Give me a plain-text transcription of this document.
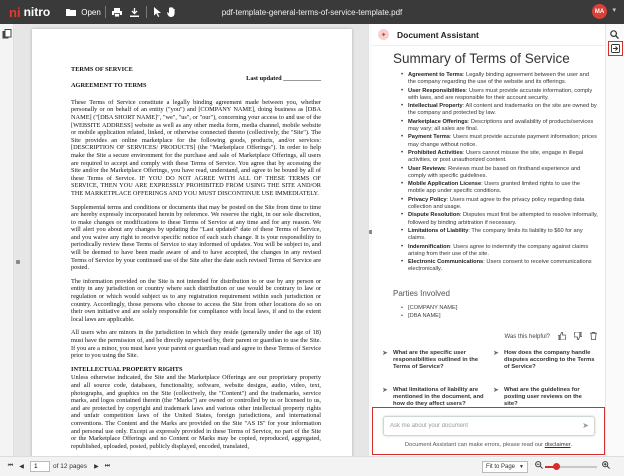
ni nitro	Open	pdf-template-general-terms-of-service-template.pdf	MA	▾
TERMS OF SERVICE
Last updated ____________
AGREEMENT TO TERMS

These Terms of Service constitute a legally binding agreement made between you, whether personally or on behalf of an entity ("you") and [COMPANY NAME], doing business as [DBA NAME] ("[DBA SHORT NAME]", "we", "us", or "our"), concerning your access to and use of the [WEBSITE ADDRESS] website as well as any other media form, media channel, mobile website or mobile application related, linked, or otherwise connected thereto (collectively, the "Site"). The Site provides an online marketplace for the following goods, products, and/or services: [DESCRIPTION OF SERVICES/ PRODUCTS] (the "Marketplace Offerings"). In order to help make the Site a secure environment for the purchase and sale of Marketplace Offerings, all users are required to accept and comply with these Terms of Service. You agree that by accessing the Site and/or the Marketplace Offerings, you have read, understand, and agree to be bound by all of these Terms of Service. IF YOU DO NOT AGREE WITH ALL OF THESE TERMS OF SERVICE, THEN YOU ARE EXPRESSLY PROHIBITED FROM USING THE SITE AND/OR THE MARKETPLACE OFFERINGS AND YOU MUST DISCONTINUE USE IMMEDIATELY.

Supplemental terms and conditions or documents that may be posted on the Site from time to time are hereby expressly incorporated herein by reference. We reserve the right, in our sole discretion, to make changes or modifications to these Terms of Service at any time and for any reason. We will alert you about any changes by updating the "Last updated" date of these Terms of Service, and you waive any right to receive specific notice of each such change. It is your responsibility to periodically review these Terms of Service to stay informed of updates. You will be subject to, and will be deemed to have been made aware of and to have accepted, the changes in any revised Terms of Service by your continued use of the Site after the date such revised Terms of Service are posted.

The information provided on the Site is not intended for distribution to or use by any person or entity in any jurisdiction or country where such distribution or use would be contrary to law or regulation or which would subject us to any registration requirement within such jurisdiction or country. Accordingly, those persons who choose to access the Site from other locations do so on their own initiative and are solely responsible for compliance with local laws, if and to the extent local laws are applicable.

All users who are minors in the jurisdiction in which they reside (generally under the age of 18) must have the permission of, and be directly supervised by, their parent or guardian to use the Site. If you are a minor, you must have your parent or guardian read and agree to these Terms of Service prior to you using the Site.

INTELLECTUAL PROPERTY RIGHTS

Unless otherwise indicated, the Site and the Marketplace Offerings are our proprietary property and all source code, databases, functionality, software, website designs, audio, video, text, photographs, and graphics on the Site (collectively, the "Content") and the trademarks, service marks, and logos contained therein (the "Marks") are owned or controlled by us or licensed to us, and are protected by copyright and trademark laws and various other intellectual property rights and unfair competition laws of the United States, foreign jurisdictions, and international conventions. The Content and the Marks are provided on the Site "AS IS" for your information and personal use only. Except as expressly provided in these Terms of Service, no part of the Site or the Marketplace Offerings and no Content or Marks may be copied, reproduced, aggregated, republished, uploaded, posted, publicly displayed, encoded, translated,

✦	Document Assistant
Summary of Terms of Service
• Agreement to Terms: Legally binding agreement between the user and the company regarding the use of the website and its offerings.
• User Responsibilities: Users must provide accurate information, comply with laws, and are responsible for their account security.
• Intellectual Property: All content and trademarks on the site are owned by the company and protected by law.
• Marketplace Offerings: Descriptions and availability of products/services may vary; all sales are final.
• Payment Terms: Users must provide accurate payment information; prices may change without notice.
• Prohibited Activities: Users cannot misuse the site, engage in illegal activities, or post unauthorized content.
• User Reviews: Reviews must be based on firsthand experience and comply with specific guidelines.
• Mobile Application License: Users granted limited rights to use the mobile app under specific conditions.
• Privacy Policy: Users must agree to the privacy policy regarding data collection and usage.
• Dispute Resolution: Disputes must first be attempted to resolve informally, followed by binding arbitration if necessary.
• Limitations of Liability: The company limits its liability to $60 for any claims.
• Indemnification: Users agree to indemnify the company against claims arising from their use of the site.
• Electronic Communications: Users consent to receive communications electronically.
Parties Involved
• [COMPANY NAME]
• [DBA NAME]
Was this helpful?
➤ What are the specific user responsibilities outlined in the Terms of Service?
➤ How does the company handle disputes according to the Terms of Service?
➤ What limitations of liability are mentioned in the document, and how do they affect users?
➤ What are the guidelines for posting user reviews on the site?
Ask me about your document
➤
Document Assistant can make errors, please read our disclaimer.
⏮ ◀
1	of 12 pages	▶ ⏭	Fit to Page ▼
